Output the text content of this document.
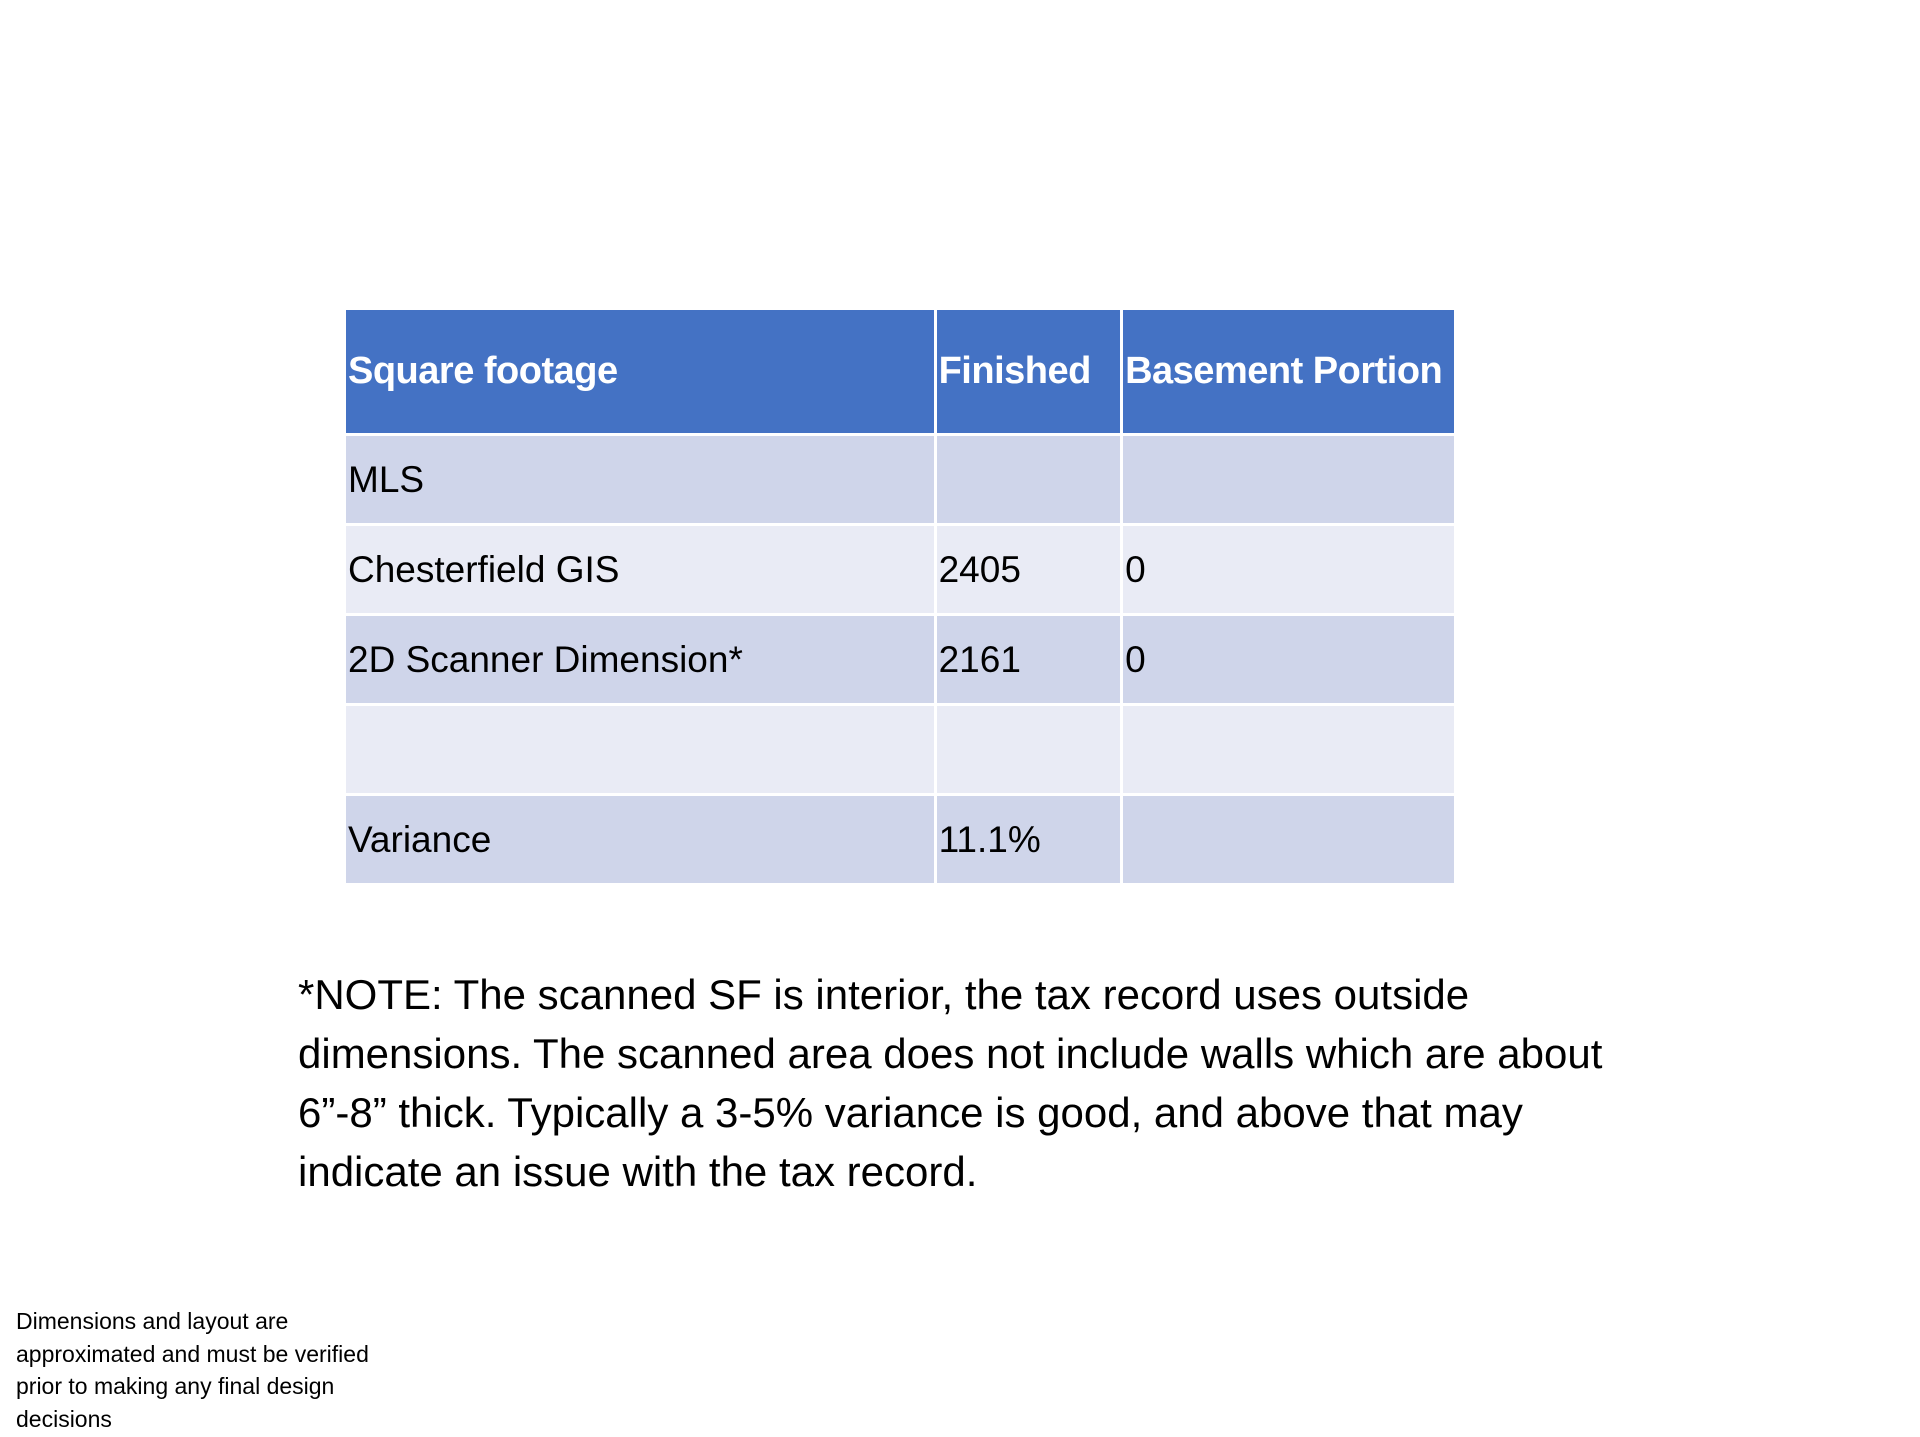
Square footage	Finished	Basement Portion
MLS		
Chesterfield GIS	2405	0
2D Scanner Dimension*	2161	0

Variance	11.1%	

*NOTE: The scanned SF is interior, the tax record uses outside
dimensions. The scanned area does not include walls which are about
6”-8” thick. Typically a 3-5% variance is good, and above that may
indicate an issue with the tax record.

Dimensions and layout are
approximated and must be verified
prior to making any final design
decisions
